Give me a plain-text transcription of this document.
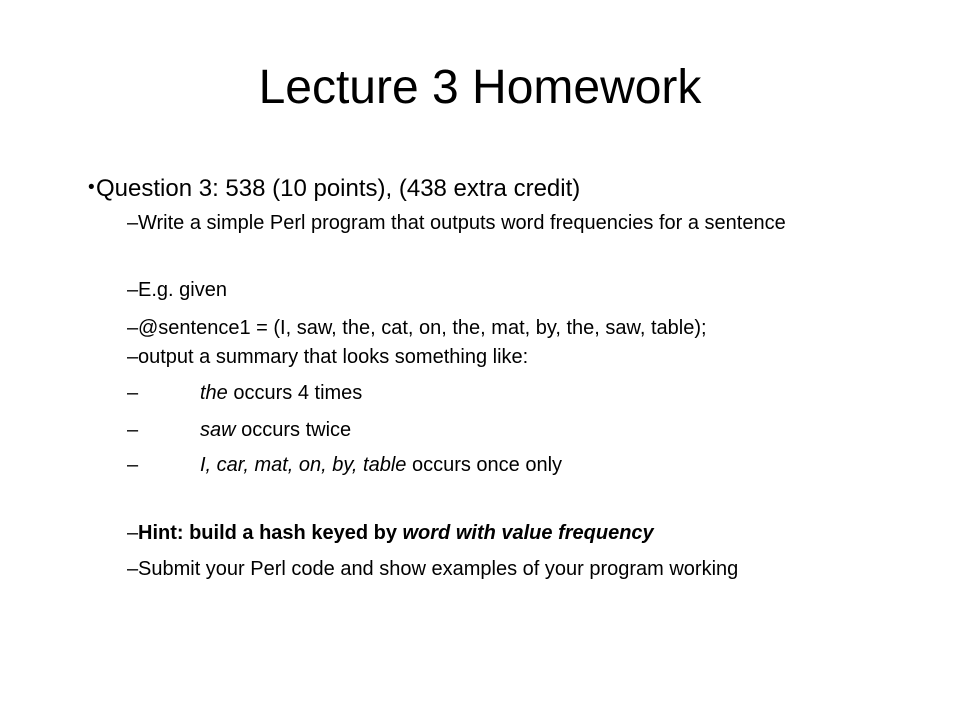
Lecture 3 Homework
• Question 3: 538 (10 points), (438 extra credit)
– Write a simple Perl program that outputs word frequencies for a sentence
– E.g. given
– @sentence1 = (I, saw, the, cat, on, the, mat, by, the, saw, table);
– output a summary that looks something like:
–	the occurs 4 times
–	saw occurs twice
–	I, car, mat, on, by, table occurs once only
– Hint: build a hash keyed by word with value frequency
– Submit your Perl code and show examples of your program working
